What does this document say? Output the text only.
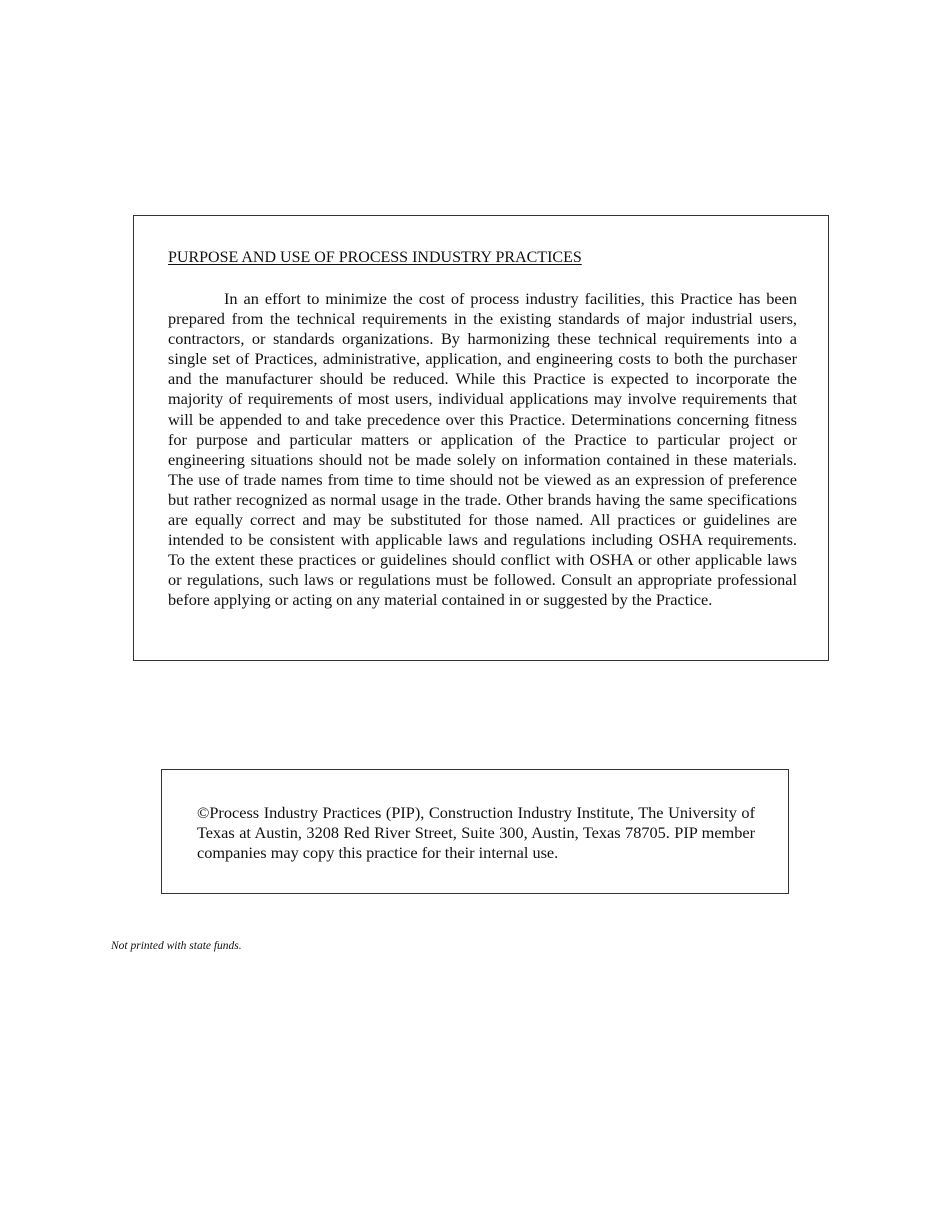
PURPOSE AND USE OF PROCESS INDUSTRY PRACTICES

In an effort to minimize the cost of process industry facilities, this Practice has been prepared from the technical requirements in the existing standards of major industrial users, contractors, or standards organizations. By harmonizing these technical requirements into a single set of Practices, administrative, application, and engineering costs to both the purchaser and the manufacturer should be reduced. While this Practice is expected to incorporate the majority of requirements of most users, individual applications may involve requirements that will be appended to and take precedence over this Practice. Determinations concerning fitness for purpose and particular matters or application of the Practice to particular project or engineering situations should not be made solely on information contained in these materials. The use of trade names from time to time should not be viewed as an expression of preference but rather recognized as normal usage in the trade. Other brands having the same specifications are equally correct and may be substituted for those named. All practices or guidelines are intended to be consistent with applicable laws and regulations including OSHA requirements. To the extent these practices or guidelines should conflict with OSHA or other applicable laws or regulations, such laws or regulations must be followed. Consult an appropriate professional before applying or acting on any material contained in or suggested by the Practice.

©Process Industry Practices (PIP), Construction Industry Institute, The University of Texas at Austin, 3208 Red River Street, Suite 300, Austin, Texas 78705. PIP member companies may copy this practice for their internal use.

Not printed with state funds.
